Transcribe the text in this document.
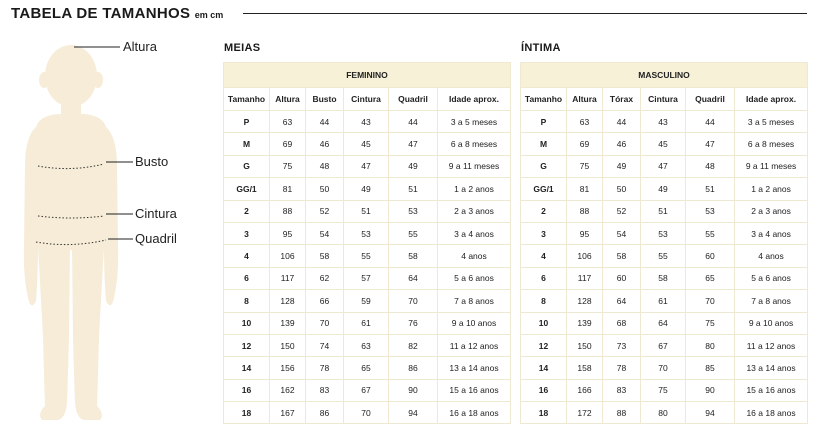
TABELA DE TAMANHOS em cm
Altura
Busto
Cintura
Quadril
MEIAS
FEMININO					
Tamanho	Altura	Busto	Cintura	Quadril	Idade aprox.
P	63	44	43	44	3 a 5 meses
M	69	46	45	47	6 a 8 meses
G	75	48	47	49	9 a 11 meses
GG/1	81	50	49	51	1 a 2 anos
2	88	52	51	53	2 a 3 anos
3	95	54	53	55	3 a 4 anos
4	106	58	55	58	4 anos
6	117	62	57	64	5 a 6 anos
8	128	66	59	70	7 a 8 anos
10	139	70	61	76	9 a 10 anos
12	150	74	63	82	11 a 12 anos
14	156	78	65	86	13 a 14 anos
16	162	83	67	90	15 a 16 anos
18	167	86	70	94	16 a 18 anos
ÍNTIMA
MASCULINO					
Tamanho	Altura	Tórax	Cintura	Quadril	Idade aprox.
P	63	44	43	44	3 a 5 meses
M	69	46	45	47	6 a 8 meses
G	75	49	47	48	9 a 11 meses
GG/1	81	50	49	51	1 a 2 anos
2	88	52	51	53	2 a 3 anos
3	95	54	53	55	3 a 4 anos
4	106	58	55	60	4 anos
6	117	60	58	65	5 a 6 anos
8	128	64	61	70	7 a 8 anos
10	139	68	64	75	9 a 10 anos
12	150	73	67	80	11 a 12 anos
14	158	78	70	85	13 a 14 anos
16	166	83	75	90	15 a 16 anos
18	172	88	80	94	16 a 18 anos
